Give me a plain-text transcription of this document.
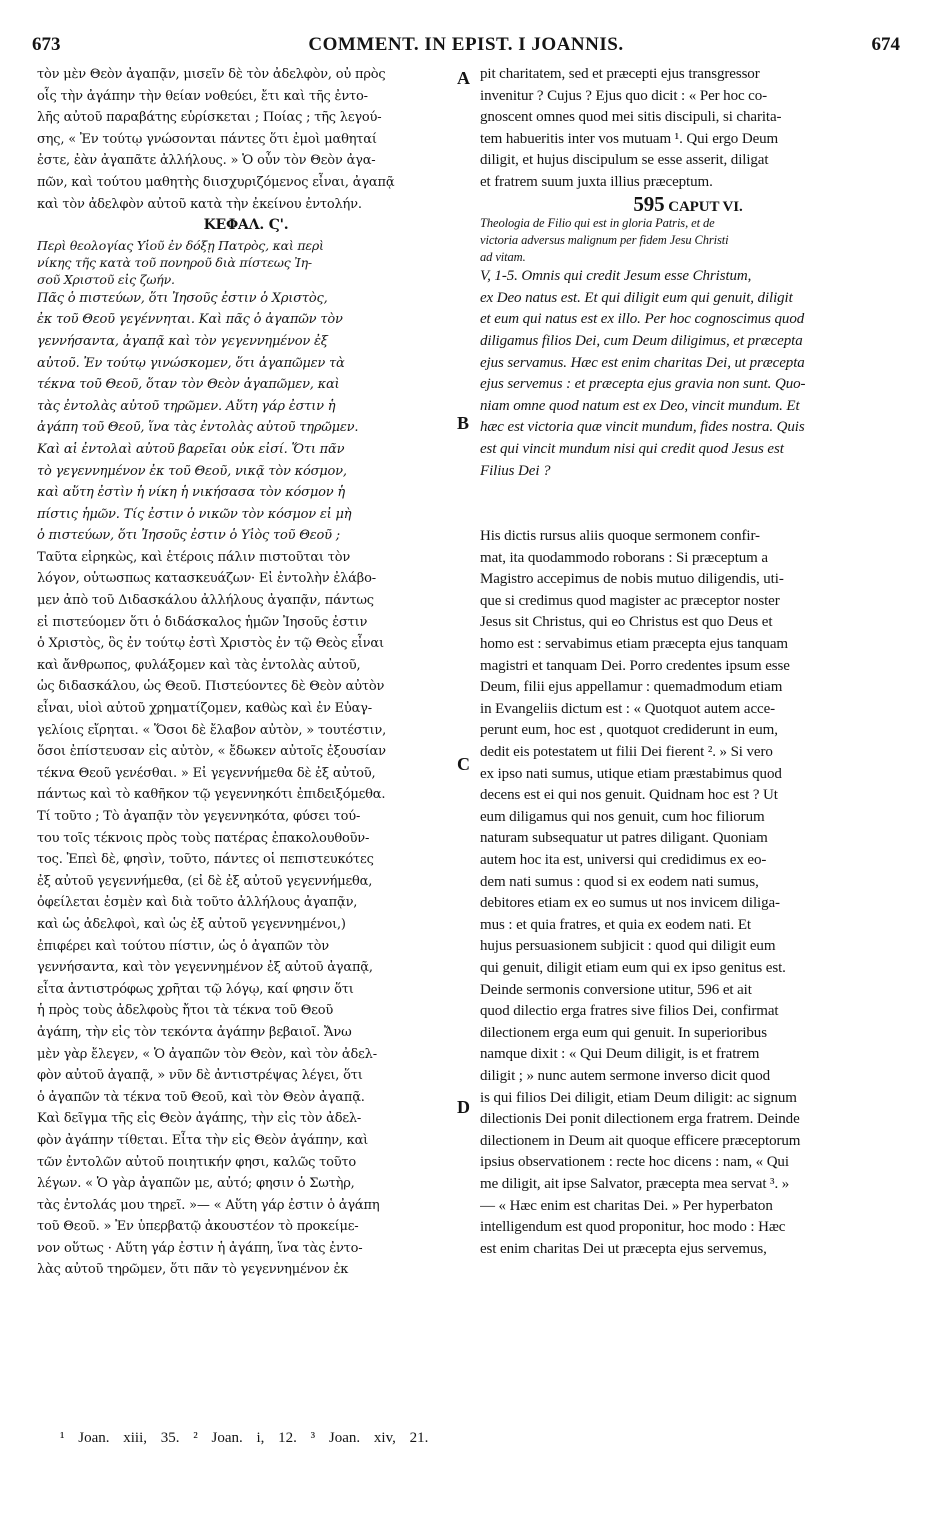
673	COMMENT. IN EPIST. I JOANNIS.	674
A
B
C
D
τὸν μὲν Θεὸν ἀγαπᾷν, μισεῖν δὲ τὸν ἀδελφὸν, οὐ πρὸς
οἷς τὴν ἀγάπην τὴν θείαν νοθεύει, ἔτι καὶ τῆς ἐντο-
λῆς αὐτοῦ παραβάτης εὑρίσκεται ; Ποίας ; τῆς λεγού-
σης, « Ἐν τούτῳ γνώσονται πάντες ὅτι ἐμοὶ μαθηταί
ἐστε, ἐὰν ἀγαπᾶτε ἀλλήλους. » Ὁ οὖν τὸν Θεὸν ἀγα-
πῶν, καὶ τούτου μαθητὴς διισχυριζόμενος εἶναι, ἀγαπᾷ
καὶ τὸν ἀδελφὸν αὐτοῦ κατὰ τὴν ἐκείνου ἐντολήν.
ΚΕΦΑΛ. Ϛ'.
Περὶ θεολογίας Υἱοῦ ἐν δόξῃ Πατρὸς, καὶ περὶ
νίκης τῆς κατὰ τοῦ πονηροῦ διὰ πίστεως Ἰη-
σοῦ Χριστοῦ εἰς ζωήν.
Πᾶς ὁ πιστεύων, ὅτι Ἰησοῦς ἐστιν ὁ Χριστὸς,
ἐκ τοῦ Θεοῦ γεγέννηται. Καὶ πᾶς ὁ ἀγαπῶν τὸν
γεννήσαντα, ἀγαπᾷ καὶ τὸν γεγεννημένον ἐξ
αὐτοῦ. Ἐν τούτῳ γινώσκομεν, ὅτι ἀγαπῶμεν τὰ
τέκνα τοῦ Θεοῦ, ὅταν τὸν Θεὸν ἀγαπῶμεν, καὶ
τὰς ἐντολὰς αὐτοῦ τηρῶμεν. Αὕτη γάρ ἐστιν ἡ
ἀγάπη τοῦ Θεοῦ, ἵνα τὰς ἐντολὰς αὐτοῦ τηρῶμεν.
Καὶ αἱ ἐντολαὶ αὐτοῦ βαρεῖαι οὐκ εἰσί. Ὅτι πᾶν
τὸ γεγεννημένον ἐκ τοῦ Θεοῦ, νικᾷ τὸν κόσμον,
καὶ αὕτη ἐστὶν ἡ νίκη ἡ νικήσασα τὸν κόσμον ἡ
πίστις ἡμῶν. Τίς ἐστιν ὁ νικῶν τὸν κόσμον εἰ μὴ
ὁ πιστεύων, ὅτι Ἰησοῦς ἐστιν ὁ Υἱὸς τοῦ Θεοῦ ;
Ταῦτα εἰρηκὼς, καὶ ἑτέροις πάλιν πιστοῦται τὸν
λόγον, οὑτωσπως κατασκευάζων· Εἰ ἐντολὴν ἐλάβο-
μεν ἀπὸ τοῦ Διδασκάλου ἀλλήλους ἀγαπᾷν, πάντως
εἰ πιστεύομεν ὅτι ὁ διδάσκαλος ἡμῶν Ἰησοῦς ἐστιν
ὁ Χριστὸς, ὃς ἐν τούτῳ ἐστὶ Χριστὸς ἐν τῷ Θεὸς εἶναι
καὶ ἄνθρωπος, φυλάξομεν καὶ τὰς ἐντολὰς αὐτοῦ,
ὡς διδασκάλου, ὡς Θεοῦ. Πιστεύοντες δὲ Θεὸν αὐτὸν
εἶναι, υἱοὶ αὐτοῦ χρηματίζομεν, καθὼς καὶ ἐν Εὐαγ-
γελίοις εἴρηται. « Ὅσοι δὲ ἔλαβον αὐτὸν, » τουτέστιν,
ὅσοι ἐπίστευσαν εἰς αὐτὸν, « ἔδωκεν αὐτοῖς ἐξουσίαν
τέκνα Θεοῦ γενέσθαι. » Εἰ γεγεννήμεθα δὲ ἐξ αὐτοῦ,
πάντως καὶ τὸ καθῆκον τῷ γεγεννηκότι ἐπιδειξόμεθα.
Τί τοῦτο ; Τὸ ἀγαπᾷν τὸν γεγεννηκότα, φύσει τού-
του τοῖς τέκνοις πρὸς τοὺς πατέρας ἐπακολουθοῦν-
τος. Ἐπεὶ δὲ, φησὶν, τοῦτο, πάντες οἱ πεπιστευκότες
ἐξ αὐτοῦ γεγεννήμεθα, (εἰ δὲ ἐξ αὐτοῦ γεγεννήμεθα,
ὀφείλεται ἐσμὲν καὶ διὰ τοῦτο ἀλλήλους ἀγαπᾷν,
καὶ ὡς ἀδελφοὶ, καὶ ὡς ἐξ αὐτοῦ γεγεννημένοι,)
ἐπιφέρει καὶ τούτου πίστιν, ὡς ὁ ἀγαπῶν τὸν
γεννήσαντα, καὶ τὸν γεγεννημένον ἐξ αὐτοῦ ἀγαπᾷ,
εἶτα ἀντιστρόφως χρῆται τῷ λόγῳ, καί φησιν ὅτι
ἡ πρὸς τοὺς ἀδελφοὺς ἤτοι τὰ τέκνα τοῦ Θεοῦ
ἀγάπη, τὴν εἰς τὸν τεκόντα ἀγάπην βεβαιοῖ. Ἄνω
μὲν γὰρ ἔλεγεν, « Ὁ ἀγαπῶν τὸν Θεὸν, καὶ τὸν ἀδελ-
φὸν αὐτοῦ ἀγαπᾷ, » νῦν δὲ ἀντιστρέψας λέγει, ὅτι
ὁ ἀγαπῶν τὰ τέκνα τοῦ Θεοῦ, καὶ τὸν Θεὸν ἀγαπᾷ.
Καὶ δεῖγμα τῆς εἰς Θεὸν ἀγάπης, τὴν εἰς τὸν ἀδελ-
φὸν ἀγάπην τίθεται. Εἶτα τὴν εἰς Θεὸν ἀγάπην, καὶ
τῶν ἐντολῶν αὐτοῦ ποιητικήν φησι, καλῶς τοῦτο
λέγων. « Ὁ γὰρ ἀγαπῶν με, αὐτό; φησιν ὁ Σωτὴρ,
τὰς ἐντολάς μου τηρεῖ. »— « Αὕτη γάρ ἐστιν ὁ ἀγάπη
τοῦ Θεοῦ. » Ἐν ὑπερβατῷ ἀκουστέον τὸ προκείμε-
νον οὕτως · Αὕτη γάρ ἐστιν ἡ ἀγάπη, ἵνα τὰς ἐντο-
λὰς αὐτοῦ τηρῶμεν, ὅτι πᾶν τὸ γεγεννημένον ἐκ
pit charitatem, sed et præcepti ejus transgressor
invenitur ? Cujus ? Ejus quo dicit : « Per hoc co-
gnoscent omnes quod mei sitis discipuli, si charita-
tem habueritis inter vos mutuam ¹. Qui ergo Deum
diligit, et hujus discipulum se esse asserit, diligat
et fratrem suum juxta illius præceptum.
595 CAPUT VI.
Theologia de Filio qui est in gloria Patris, et de
victoria adversus malignum per fidem Jesu Christi
ad vitam.
V, 1-5. Omnis qui credit Jesum esse Christum,
ex Deo natus est. Et qui diligit eum qui genuit, diligit
et eum qui natus est ex illo. Per hoc cognoscimus quod
diligamus filios Dei, cum Deum diligimus, et præcepta
ejus servamus. Hæc est enim charitas Dei, ut præcepta
ejus servemus : et præcepta ejus gravia non sunt. Quo-
niam omne quod natum est ex Deo, vincit mundum. Et
hæc est victoria quæ vincit mundum, fides nostra. Quis
est qui vincit mundum nisi qui credit quod Jesus est
Filius Dei ?
His dictis rursus aliis quoque sermonem confir-
mat, ita quodammodo roborans : Si præceptum a
Magistro accepimus de nobis mutuo diligendis, uti-
que si credimus quod magister ac præceptor noster
Jesus sit Christus, qui eo Christus est quo Deus et
homo est : servabimus etiam præcepta ejus tanquam
magistri et tanquam Dei. Porro credentes ipsum esse
Deum, filii ejus appellamur : quemadmodum etiam
in Evangeliis dictum est : « Quotquot autem acce-
perunt eum, hoc est , quotquot crediderunt in eum,
dedit eis potestatem ut filii Dei fierent ². » Si vero
ex ipso nati sumus, utique etiam præstabimus quod
decens est ei qui nos genuit. Quidnam hoc est ? Ut
eum diligamus qui nos genuit, cum hoc filiorum
naturam subsequatur ut patres diligant. Quoniam
autem hoc ita est, universi qui credidimus ex eo-
dem nati sumus : quod si ex eodem nati sumus,
debitores etiam ex eo sumus ut nos invicem diliga-
mus : et quia fratres, et quia ex eodem nati. Et
hujus persuasionem subjicit : quod qui diligit eum
qui genuit, diligit etiam eum qui ex ipso genitus est.
Deinde sermonis conversione utitur, 596 et ait
quod dilectio erga fratres sive filios Dei, confirmat
dilectionem erga eum qui genuit. In superioribus
namque dixit : « Qui Deum diligit, is et fratrem
diligit ; » nunc autem sermone inverso dicit quod
is qui filios Dei diligit, etiam Deum diligit: ac signum
dilectionis Dei ponit dilectionem erga fratrem. Deinde
dilectionem in Deum ait quoque efficere præceptorum
ipsius observationem : recte hoc dicens : nam, « Qui
me diligit, ait ipse Salvator, præcepta mea servat ³. »
— « Hæc enim est charitas Dei. » Per hyperbaton
intelligendum est quod proponitur, hoc modo : Hæc
est enim charitas Dei ut præcepta ejus servemus,
¹ Joan. xiii, 35. ² Joan. i, 12. ³ Joan. xiv, 21.
